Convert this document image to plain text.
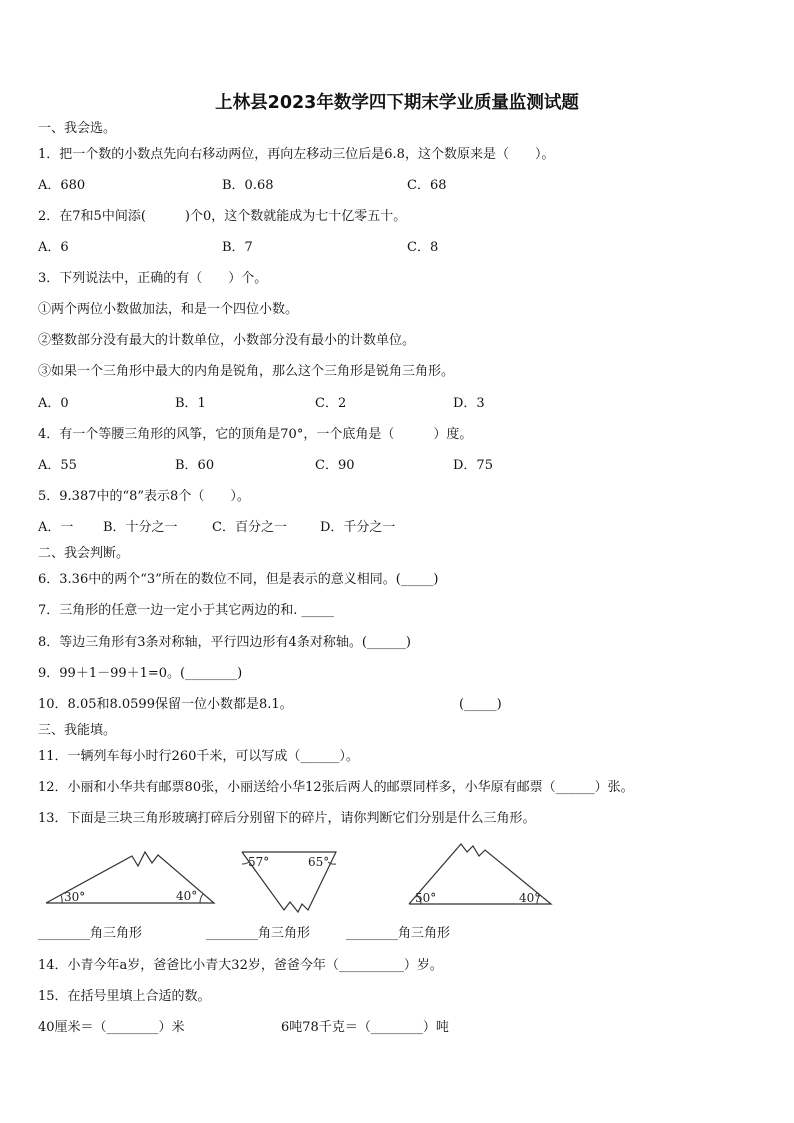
上林县2023年数学四下期末学业质量监测试题
一、我会选。
1．把一个数的小数点先向右移动两位，再向左移动三位后是6.8，这个数原来是（　　）。
A．680	B．0.68	C．68
2．在7和5中间添(　　　)个0，这个数就能成为七十亿零五十。
A．6	B．7	C．8
3．下列说法中，正确的有（　　）个。
①两个两位小数做加法，和是一个四位小数。
②整数部分没有最大的计数单位，小数部分没有最小的计数单位。
③如果一个三角形中最大的内角是锐角，那么这个三角形是锐角三角形。
A．0	B．1	C．2	D．3
4．有一个等腰三角形的风筝，它的顶角是70°，一个底角是（　　　）度。
A．55	B．60	C．90	D．75
5．9.387中的“8”表示8个（　　）。
A．一 B．十分之一	C．百分之一	D．千分之一
二、我会判断。
6．3.36中的两个“3”所在的数位不同，但是表示的意义相同。(_____)
7．三角形的任意一边一定小于其它两边的和. _____
8．等边三角形有3条对称轴，平行四边形有4条对称轴。(______)
9．99＋1－99＋1=0。(________)
10．8.05和8.0599保留一位小数都是8.1。	(_____)
三、我能填。
11．一辆列车每小时行260千米，可以写成（______）。
12．小丽和小华共有邮票80张，小丽送给小华12张后两人的邮票同样多，小华原有邮票（______）张。
13．下面是三块三角形玻璃打碎后分别留下的碎片，请你判断它们分别是什么三角形。
30°	40°
57°	65°
50°	40°
________角三角形	________角三角形	________角三角形
14．小青今年a岁，爸爸比小青大32岁，爸爸今年（__________）岁。
15．在括号里填上合适的数。
40厘米＝（________）米	6吨78千克＝（________）吨
